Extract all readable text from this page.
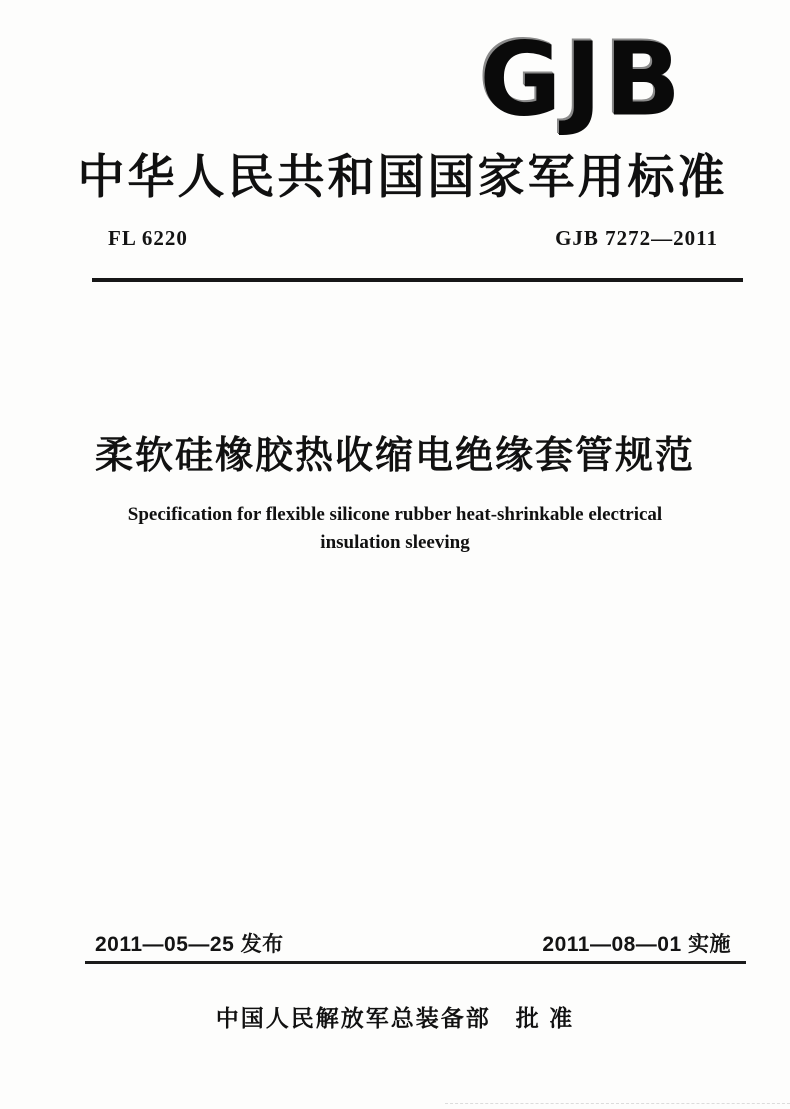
GJB
中华人民共和国国家军用标准
FL 6220	GJB 7272—2011
柔软硅橡胶热收缩电绝缘套管规范
Specification for flexible silicone rubber heat-shrinkable electrical
insulation sleeving
2011—05—25 发布	2011—08—01 实施
中国人民解放军总装备部　批 准
